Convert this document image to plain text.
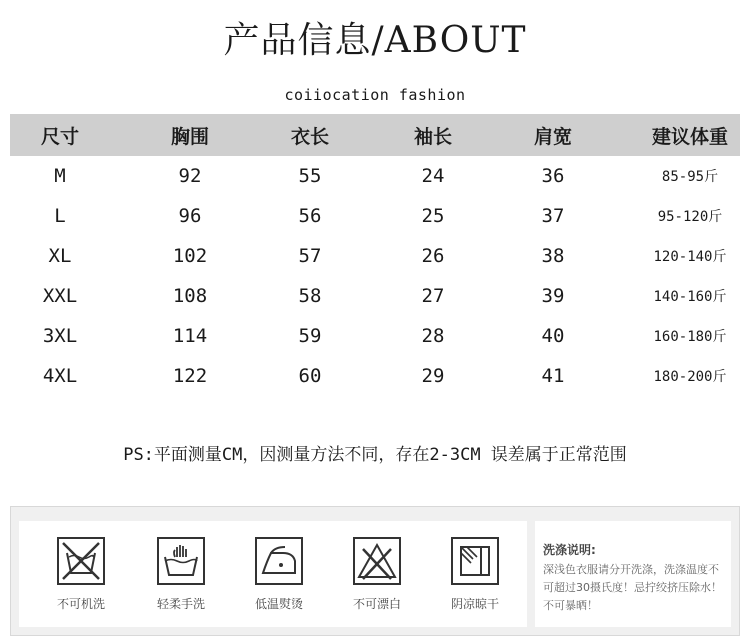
产品信息/ABOUT
coiiocation fashion
尺寸	胸围	衣长	袖长	肩宽	建议体重
M	92	55	24	36	85-95斤
L	96	56	25	37	95-120斤
XL	102	57	26	38	120-140斤
XXL	108	58	27	39	140-160斤
3XL	114	59	28	40	160-180斤
4XL	122	60	29	41	180-200斤
PS:平面测量CM，因测量方法不同，存在2-3CM 误差属于正常范围
不可机洗	轻柔手洗	低温熨烫	不可漂白	阴凉晾干
洗涤说明:
深浅色衣服请分开洗涤，洗涤温度不可超过30摄氏度！忌拧绞挤压除水！不可暴晒！
